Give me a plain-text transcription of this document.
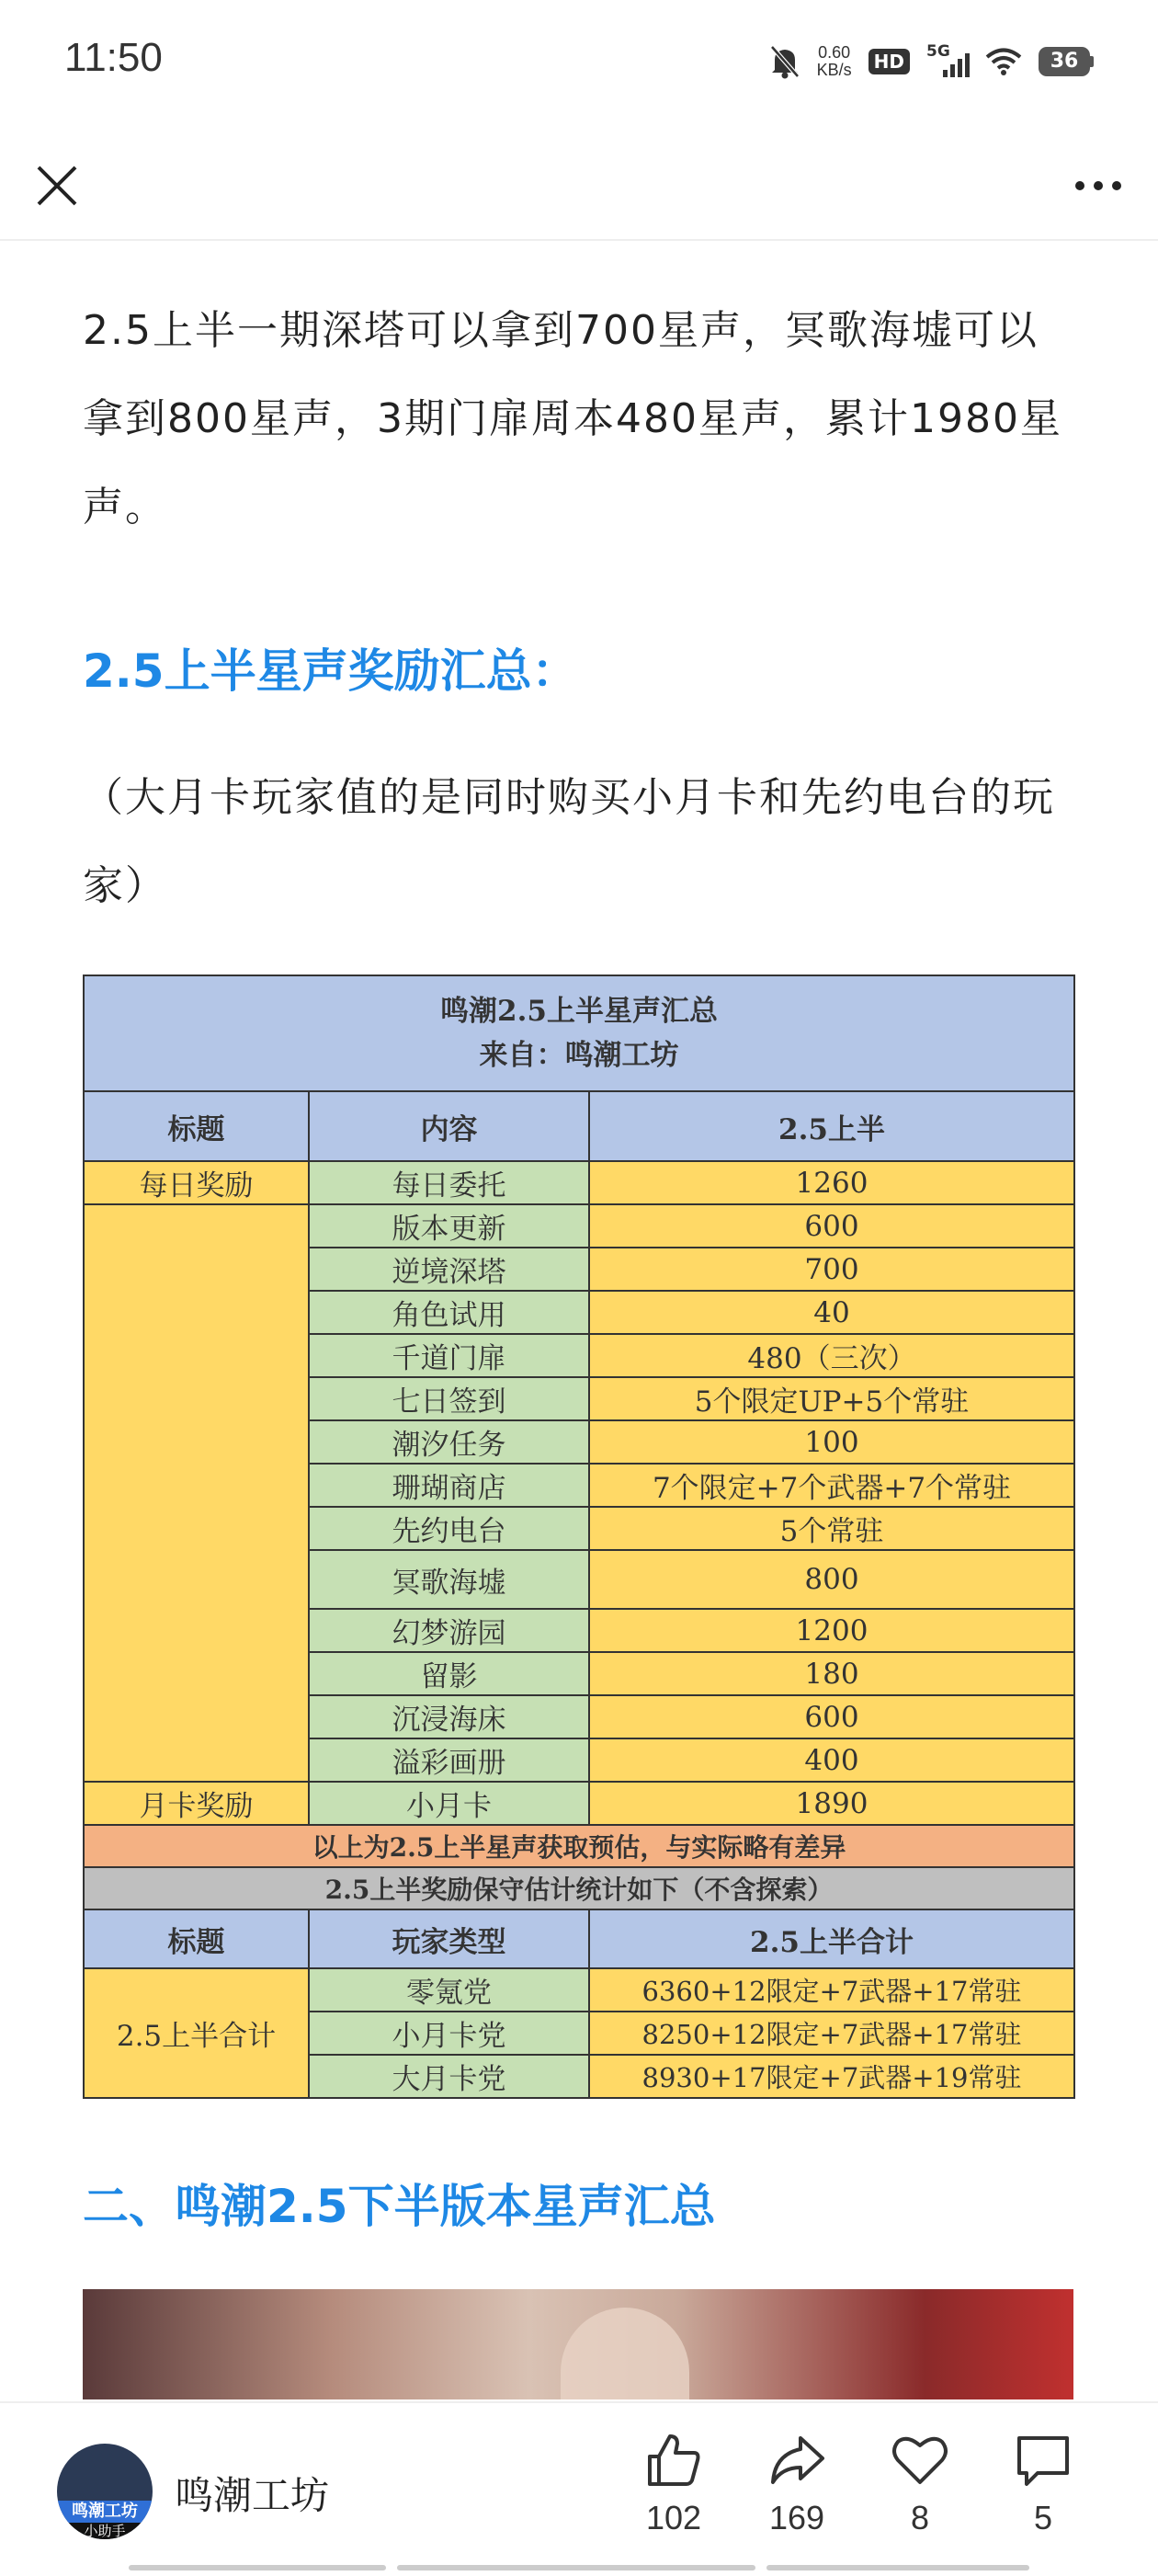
11:50	0.60
KB/s	HD	5G	36
2.5上半一期深塔可以拿到700星声，冥歌海墟可以拿到800星声，3期门扉周本480星声，累计1980星声。
2.5上半星声奖励汇总：
（大月卡玩家值的是同时购买小月卡和先约电台的玩家）
鸣潮2.5上半星声汇总
来自：鸣潮工坊		

标题	内容	2.5上半
每日奖励	每日委托	1260
	版本更新	600
	逆境深塔	700
	角色试用	40
	千道门扉	480（三次）
	七日签到	5个限定UP+5个常驻
	潮汐任务	100
	珊瑚商店	7个限定+7个武器+7个常驻
	先约电台	5个常驻
	冥歌海墟	800
	幻梦游园	1200
	留影	180
	沉浸海床	600
	溢彩画册	400
月卡奖励	小月卡	1890
以上为2.5上半星声获取预估，与实际略有差异		
2.5上半奖励保守估计统计如下（不含探索）		
标题	玩家类型	2.5上半合计
2.5上半合计	零氪党	6360+12限定+7武器+17常驻
	小月卡党	8250+12限定+7武器+17常驻
	大月卡党	8930+17限定+7武器+19常驻
二、鸣潮2.5下半版本星声汇总
鸣潮工坊
小助手
鸣潮工坊	102	169	8	5
